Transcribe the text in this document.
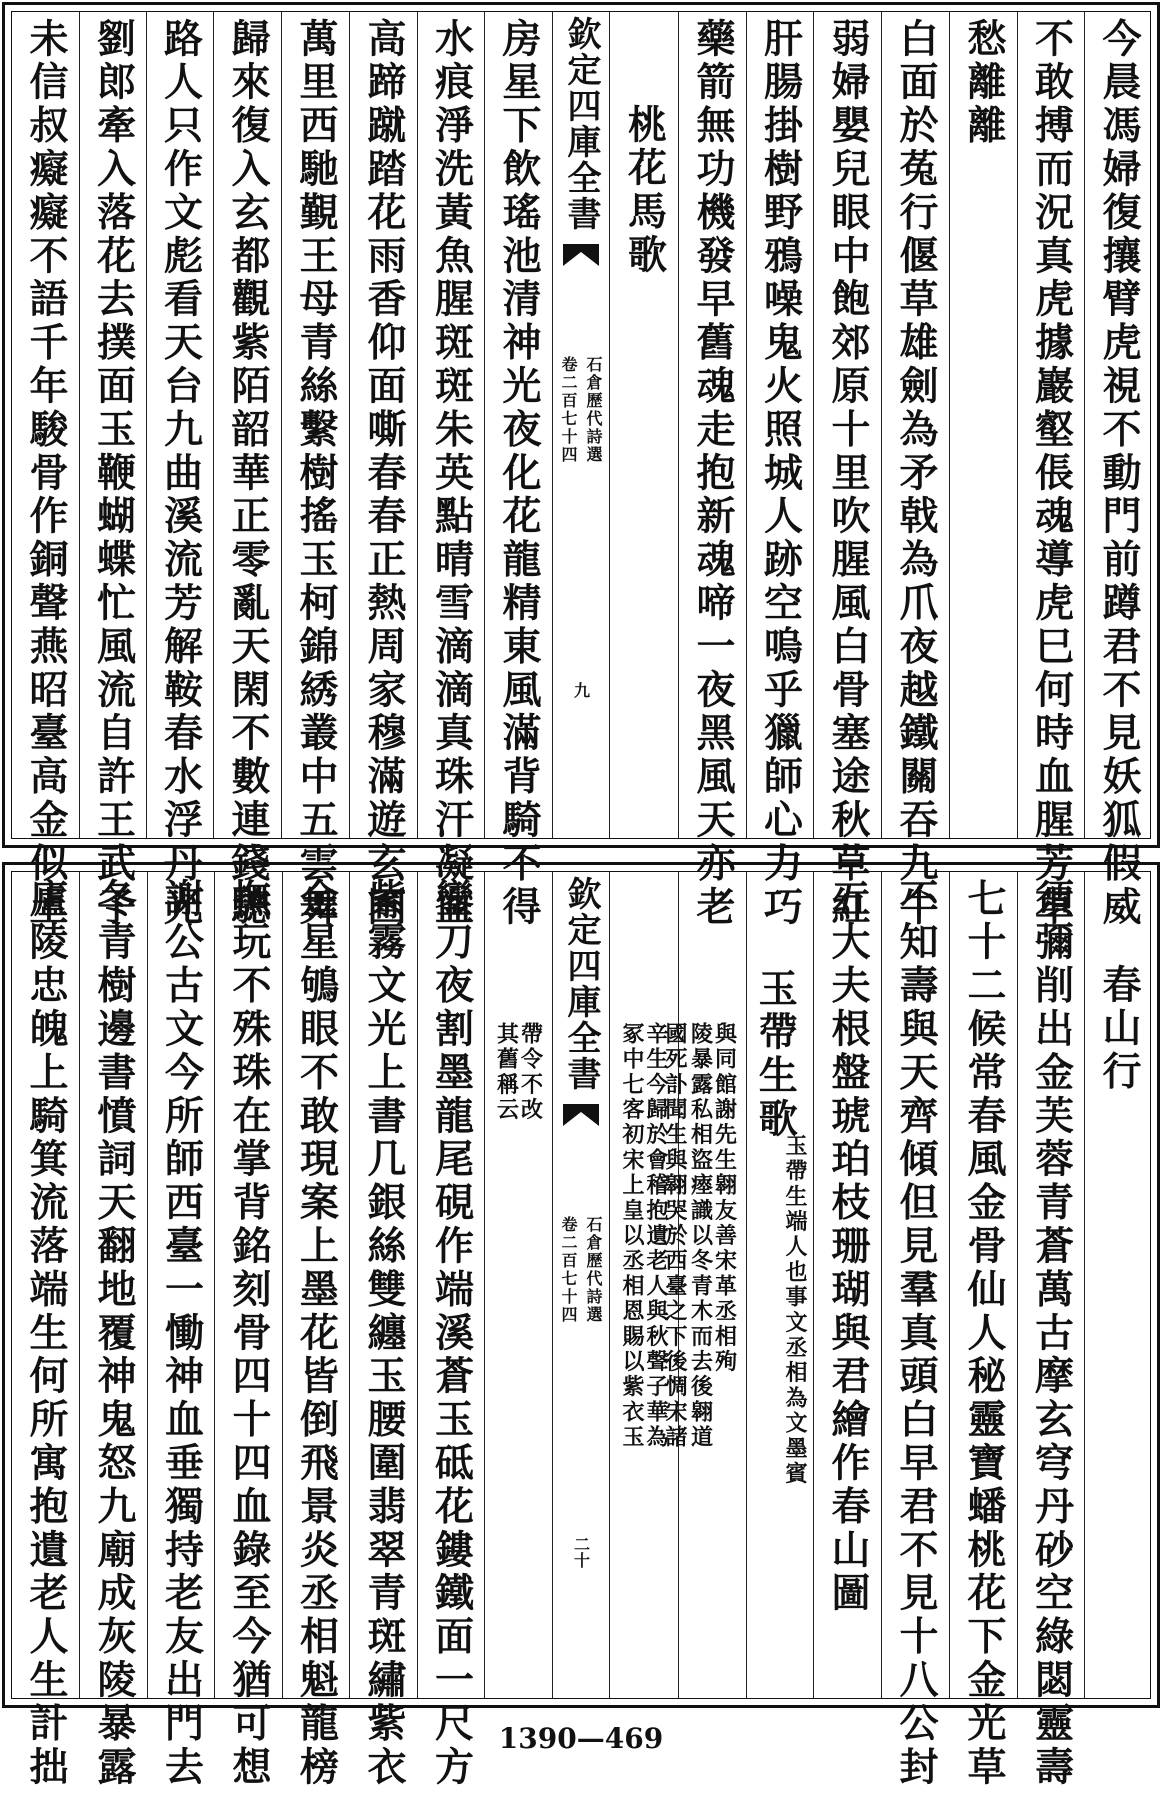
未信叔癡癡不語千年駿骨作銅聲燕昭臺高金似土 劉郎牽入落花去撲面玉鞭蝴蝶忙風流自許王武子 路人只作文彪看天台九曲溪流芳解鞍春水浮丹光 歸來復入玄都觀紫陌韶華正零亂天閑不數連錢驄 萬里西馳覲王母青絲繫樹搖玉柯錦綉叢中五雲舞 高蹄蹴踏花雨香仰面嘶春春正熱周家穆滿遊玄圃 水痕淨洗黃魚腥斑斑朱英點晴雪滴滴真珠汗凝血 房星下飲瑤池清神光夜化花龍精東風滿背騎不得 欽定四庫全書
卷二百七十四 石倉歷代詩選
九
桃花馬歌 藥箭無功機發早舊魂走抱新魂啼一夜黑風天亦老 肝腸掛樹野鴉噪鬼火照城人跡空嗚乎獵師心力巧 弱婦嬰兒眼中飽郊原十里吹腥風白骨塞途秋草紅 白面於菟行偃草雄劍為矛戟為爪夜越鐵關吞九牛 愁離離 不敢搏而況真虎據巖壑倀魂導虎巳何時血腥芳草 今晨馮婦復攘臂虎視不動門前蹲君不見妖狐假威
廬陵忠魄上騎箕流落端生何所寓抱遺老人生計拙 冬青樹邊書憤詞天翻地覆神鬼怒九廟成灰陵暴露 謝公古文今所師西臺一慟神血垂獨持老友出門去 撫玩不殊珠在掌背銘刻骨四十四血錄至今猶可想 金星鴝眼不敢現案上墨花皆倒飛景炎丞相魁龍榜 紫霧文光上書几銀絲雙纏玉腰圍翡翠青斑繡紫衣 鑾刀夜割墨龍尾硯作端溪蒼玉砥花鏤鐵面一尺方 其舊稱云
帶令不改 欽定四庫全書
卷二百七十四 石倉歷代詩選
二十
冢中七客初宋上皇以丞相恩賜以紫衣玉
辛生今歸於會稽抱遺老人與秋聲子華為 陵暴露私相盜瘞識以冬青木而去後翱道
與同館謝先生翱友善宋革丞相殉 玉帶生歌
玉帶生端人也事文丞相為文墨賓 五大夫根盤琥珀枝珊瑚與君繪作春山圖 不知壽與天齊傾但見羣真頭白早君不見十八公封 七十二候常春風金骨仙人秘靈寶蟠桃花下金光草 須彌削出金芙蓉青蒼萬古摩玄穹丹砂空綠閟靈壽 春山行
國死訃聞生與翱哭於西臺之下後惆宋諸
1390—469
